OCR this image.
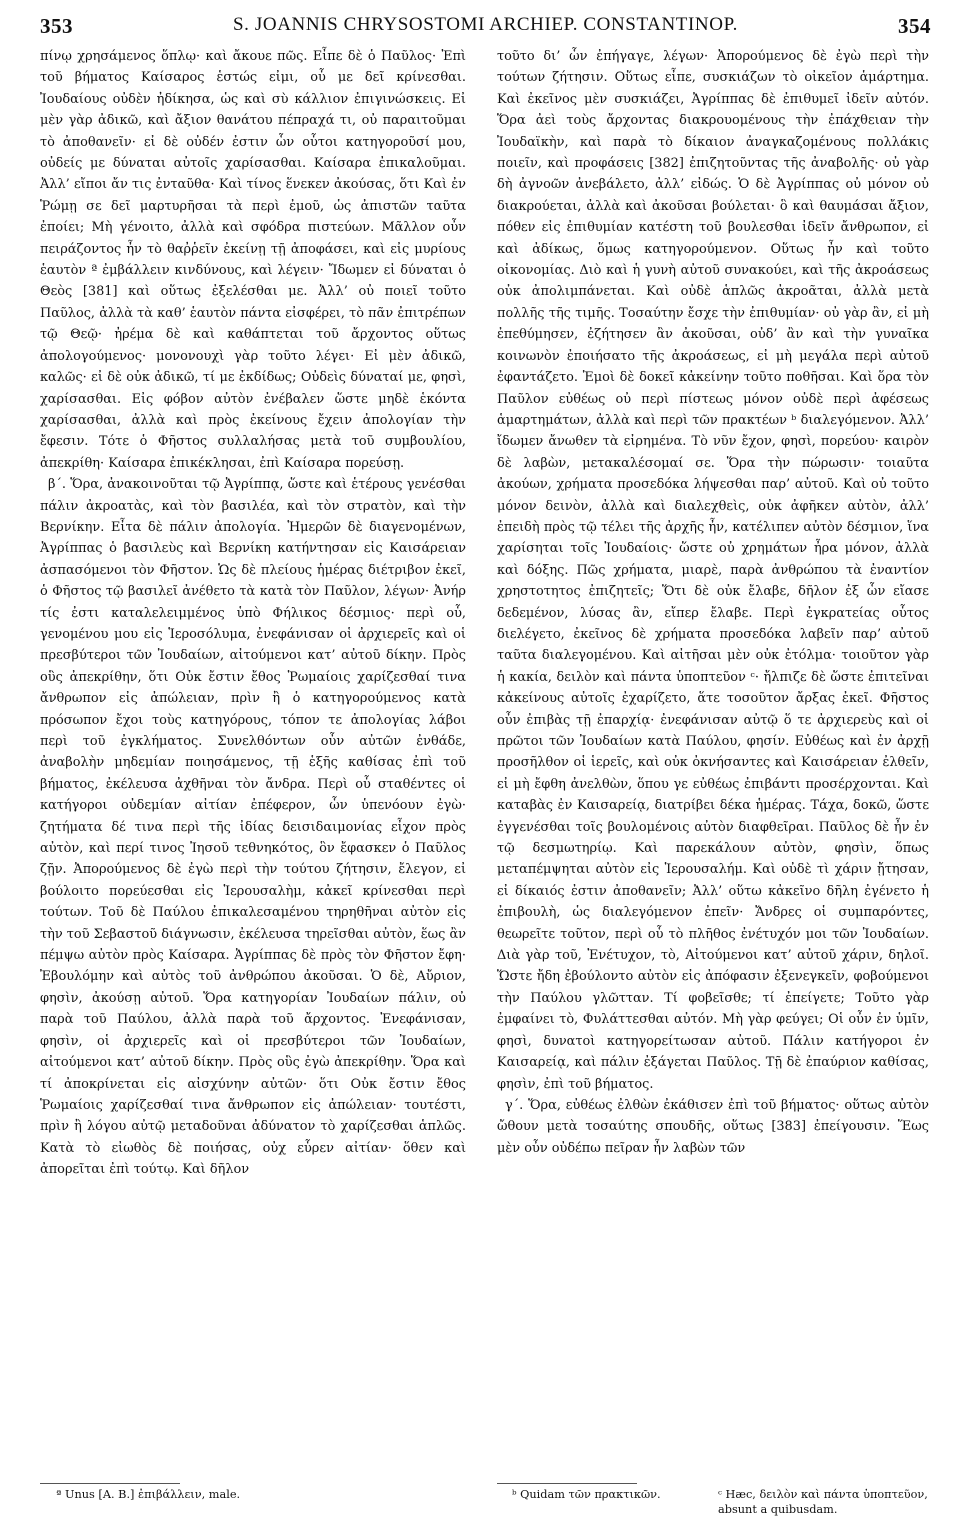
353	S. JOANNIS CHRYSOSTOMI ARCHIEP. CONSTANTINOP.	354

πίνῳ χρησάμενος ὅπλῳ· καὶ ἄκουε πῶς. Εἶπε δὲ ὁ Παῦλος· Ἐπὶ τοῦ βήματος Καίσαρος ἑστώς εἰμι, οὗ με δεῖ κρίνεσθαι. Ἰουδαίους οὐδὲν ἠδίκησα, ὡς καὶ σὺ κάλλιον ἐπιγινώσκεις. Εἰ μὲν γὰρ ἀδικῶ, καὶ ἄξιον θανάτου πέπραχά τι, οὐ παραιτοῦμαι τὸ ἀποθανεῖν· εἰ δὲ οὐδέν ἐστιν ὧν οὗτοι κατηγοροῦσί μου, οὐδείς με δύναται αὐτοῖς χαρίσασθαι. Καίσαρα ἐπικαλοῦμαι. Ἀλλ’ εἴποι ἄν τις ἐνταῦθα· Καὶ τίνος ἕνεκεν ἀκούσας, ὅτι Καὶ ἐν Ῥώμῃ σε δεῖ μαρτυρῆσαι τὰ περὶ ἐμοῦ, ὡς ἀπιστῶν ταῦτα ἐποίει; Μὴ γένοιτο, ἀλλὰ καὶ σφόδρα πιστεύων. Μᾶλλον οὖν πειράζοντος ἦν τὸ θαῤῥεῖν ἐκείνῃ τῇ ἀποφάσει, καὶ εἰς μυρίους ἑαυτὸν ª ἐμβάλλειν κινδύνους, καὶ λέγειν· Ἴδωμεν εἰ δύναται ὁ Θεὸς [381] καὶ οὕτως ἐξελέσθαι με. Ἀλλ’ οὐ ποιεῖ τοῦτο Παῦλος, ἀλλὰ τὰ καθ’ ἑαυτὸν πάντα εἰσφέρει, τὸ πᾶν ἐπιτρέπων τῷ Θεῷ· ἠρέμα δὲ καὶ καθάπτεται τοῦ ἄρχοντος οὕτως ἀπολογούμενος· μονονουχὶ γὰρ τοῦτο λέγει· Εἰ μὲν ἀδικῶ, καλῶς· εἰ δὲ οὐκ ἀδικῶ, τί με ἐκδίδως; Οὐδεὶς δύναταί με, φησὶ, χαρίσασθαι. Εἰς φόβον αὐτὸν ἐνέβαλεν ὥστε μηδὲ ἑκόντα χαρίσασθαι, ἀλλὰ καὶ πρὸς ἐκείνους ἔχειν ἀπολογίαν τὴν ἔφεσιν. Τότε ὁ Φῆστος συλλαλήσας μετὰ τοῦ συμβουλίου, ἀπεκρίθη· Καίσαρα ἐπικέκλησαι, ἐπὶ Καίσαρα πορεύσῃ.

β΄. Ὅρα, ἀνακοινοῦται τῷ Ἀγρίππᾳ, ὥστε καὶ ἑτέρους γενέσθαι πάλιν ἀκροατὰς, καὶ τὸν βασιλέα, καὶ τὸν στρατὸν, καὶ τὴν Βερνίκην. Εἶτα δὲ πάλιν ἀπολογία. Ἡμερῶν δὲ διαγενομένων, Ἀγρίππας ὁ βασιλεὺς καὶ Βερνίκη κατήντησαν εἰς Καισάρειαν ἀσπασόμενοι τὸν Φῆστον. Ὡς δὲ πλείους ἡμέρας διέτριβον ἐκεῖ, ὁ Φῆστος τῷ βασιλεῖ ἀνέθετο τὰ κατὰ τὸν Παῦλον, λέγων· Ἀνήρ τίς ἐστι καταλελειμμένος ὑπὸ Φήλικος δέσμιος· περὶ οὗ, γενομένου μου εἰς Ἱεροσόλυμα, ἐνεφάνισαν οἱ ἀρχιερεῖς καὶ οἱ πρεσβύτεροι τῶν Ἰουδαίων, αἰτούμενοι κατ’ αὐτοῦ δίκην. Πρὸς οὓς ἀπεκρίθην, ὅτι Οὐκ ἔστιν ἔθος Ῥωμαίοις χαρίζεσθαί τινα ἄνθρωπον εἰς ἀπώλειαν, πρὶν ἢ ὁ κατηγορούμενος κατὰ πρόσωπον ἔχοι τοὺς κατηγόρους, τόπον τε ἀπολογίας λάβοι περὶ τοῦ ἐγκλήματος. Συνελθόντων οὖν αὐτῶν ἐνθάδε, ἀναβολὴν μηδεμίαν ποιησάμενος, τῇ ἑξῆς καθίσας ἐπὶ τοῦ βήματος, ἐκέλευσα ἀχθῆναι τὸν ἄνδρα. Περὶ οὗ σταθέντες οἱ κατήγοροι οὐδεμίαν αἰτίαν ἐπέφερον, ὧν ὑπενόουν ἐγὼ· ζητήματα δέ τινα περὶ τῆς ἰδίας δεισιδαιμονίας εἶχον πρὸς αὐτὸν, καὶ περί τινος Ἰησοῦ τεθνηκότος, ὃν ἔφασκεν ὁ Παῦλος ζῇν. Ἀπορούμενος δὲ ἐγὼ περὶ τὴν τούτου ζήτησιν, ἔλεγον, εἰ βούλοιτο πορεύεσθαι εἰς Ἱερουσαλὴμ, κἀκεῖ κρίνεσθαι περὶ τούτων. Τοῦ δὲ Παύλου ἐπικαλεσαμένου τηρηθῆναι αὐτὸν εἰς τὴν τοῦ Σεβαστοῦ διάγνωσιν, ἐκέλευσα τηρεῖσθαι αὐτὸν, ἕως ἂν πέμψω αὐτὸν πρὸς Καίσαρα. Ἀγρίππας δὲ πρὸς τὸν Φῆστον ἔφη· Ἐβουλόμην καὶ αὐτὸς τοῦ ἀνθρώπου ἀκοῦσαι. Ὁ δὲ, Αὔριον, φησὶν, ἀκούσῃ αὐτοῦ. Ὅρα κατηγορίαν Ἰουδαίων πάλιν, οὐ παρὰ τοῦ Παύλου, ἀλλὰ παρὰ τοῦ ἄρχοντος. Ἐνεφάνισαν, φησὶν, οἱ ἀρχιερεῖς καὶ οἱ πρεσβύτεροι τῶν Ἰουδαίων, αἰτούμενοι κατ’ αὐτοῦ δίκην. Πρὸς οὓς ἐγὼ ἀπεκρίθην. Ὅρα καὶ τί ἀποκρίνεται εἰς αἰσχύνην αὐτῶν· ὅτι Οὐκ ἔστιν ἔθος Ῥωμαίοις χαρίζεσθαί τινα ἄνθρωπον εἰς ἀπώλειαν· τουτέστι, πρὶν ἢ λόγου αὐτῷ μεταδοῦναι ἀδύνατον τὸ χαρίζεσθαι ἁπλῶς. Κατὰ τὸ εἰωθὸς δὲ ποιήσας, οὐχ εὗρεν αἰτίαν· ὅθεν καὶ ἀπορεῖται ἐπὶ τούτῳ. Καὶ δῆλον

τοῦτο δι’ ὧν ἐπήγαγε, λέγων· Ἀπορούμενος δὲ ἐγὼ περὶ τὴν τούτων ζήτησιν. Οὕτως εἶπε, συσκιάζων τὸ οἰκεῖον ἁμάρτημα. Καὶ ἐκεῖνος μὲν συσκιάζει, Ἀγρίππας δὲ ἐπιθυμεῖ ἰδεῖν αὐτόν. Ὅρα ἀεὶ τοὺς ἄρχοντας διακρουομένους τὴν ἐπάχθειαν τὴν Ἰουδαϊκὴν, καὶ παρὰ τὸ δίκαιον ἀναγκαζομένους πολλάκις ποιεῖν, καὶ προφάσεις [382] ἐπιζητοῦντας τῆς ἀναβολῆς· οὐ γὰρ δὴ ἀγνοῶν ἀνεβάλετο, ἀλλ’ εἰδώς. Ὁ δὲ Ἀγρίππας οὐ μόνον οὐ διακρούεται, ἀλλὰ καὶ ἀκοῦσαι βούλεται· ὃ καὶ θαυμάσαι ἄξιον, πόθεν εἰς ἐπιθυμίαν κατέστη τοῦ βουλεσθαι ἰδεῖν ἄνθρωπον, εἰ καὶ ἀδίκως, ὅμως κατηγορούμενον. Οὕτως ἦν καὶ τοῦτο οἰκονομίας. Διὸ καὶ ἡ γυνὴ αὐτοῦ συνακούει, καὶ τῆς ἀκροάσεως οὐκ ἀπολιμπάνεται. Καὶ οὐδὲ ἁπλῶς ἀκροᾶται, ἀλλὰ μετὰ πολλῆς τῆς τιμῆς. Τοσαύτην ἔσχε τὴν ἐπιθυμίαν· οὐ γὰρ ἂν, εἰ μὴ ἐπεθύμησεν, ἐζήτησεν ἂν ἀκοῦσαι, οὐδ’ ἂν καὶ τὴν γυναῖκα κοινωνὸν ἐποιήσατο τῆς ἀκροάσεως, εἰ μὴ μεγάλα περὶ αὐτοῦ ἐφαντάζετο. Ἐμοὶ δὲ δοκεῖ κἀκείνην τοῦτο ποθῆσαι. Καὶ ὅρα τὸν Παῦλον εὐθέως οὐ περὶ πίστεως μόνον οὐδὲ περὶ ἀφέσεως ἁμαρτημάτων, ἀλλὰ καὶ περὶ τῶν πρακτέων ᵇ διαλεγόμενον. Ἀλλ’ ἴδωμεν ἄνωθεν τὰ εἰρημένα. Τὸ νῦν ἔχον, φησὶ, πορεύου· καιρὸν δὲ λαβὼν, μετακαλέσομαί σε. Ὅρα τὴν πώρωσιν· τοιαῦτα ἀκούων, χρήματα προσεδόκα λήψεσθαι παρ’ αὐτοῦ. Καὶ οὐ τοῦτο μόνον δεινὸν, ἀλλὰ καὶ διαλεχθεὶς, οὐκ ἀφῆκεν αὐτὸν, ἀλλ’ ἐπειδὴ πρὸς τῷ τέλει τῆς ἀρχῆς ἦν, κατέλιπεν αὐτὸν δέσμιον, ἵνα χαρίσηται τοῖς Ἰουδαίοις· ὥστε οὐ χρημάτων ἦρα μόνον, ἀλλὰ καὶ δόξης. Πῶς χρήματα, μιαρὲ, παρὰ ἀνθρώπου τὰ ἐναντίον χρηστοτητος ἐπιζητεῖς; Ὅτι δὲ οὐκ ἔλαβε, δῆλον ἐξ ὧν εἴασε δεδεμένον, λύσας ἂν, εἴπερ ἔλαβε. Περὶ ἐγκρατείας οὗτος διελέγετο, ἐκεῖνος δὲ χρήματα προσεδόκα λαβεῖν παρ’ αὐτοῦ ταῦτα διαλεγομένου. Καὶ αἰτῆσαι μὲν οὐκ ἐτόλμα· τοιοῦτον γὰρ ἡ κακία, δειλὸν καὶ πάντα ὑποπτεῦον ᶜ· ἤλπιζε δὲ ὥστε ἐπιτεῖναι κἀκείνους αὐτοῖς ἐχαρίζετο, ἅτε τοσοῦτον ἄρξας ἐκεῖ. Φῆστος οὖν ἐπιβὰς τῇ ἐπαρχίᾳ· ἐνεφάνισαν αὐτῷ ὅ τε ἀρχιερεὺς καὶ οἱ πρῶτοι τῶν Ἰουδαίων κατὰ Παύλου, φησίν. Εὐθέως καὶ ἐν ἀρχῇ προσῆλθον οἱ ἱερεῖς, καὶ οὐκ ὀκνήσαντες καὶ Καισάρειαν ἐλθεῖν, εἰ μὴ ἔφθη ἀνελθὼν, ὅπου γε εὐθέως ἐπιβάντι προσέρχονται. Καὶ καταβὰς ἐν Καισαρείᾳ, διατρίβει δέκα ἡμέρας. Τάχα, δοκῶ, ὥστε ἐγγενέσθαι τοῖς βουλομένοις αὐτὸν διαφθεῖραι. Παῦλος δὲ ἦν ἐν τῷ δεσμωτηρίῳ. Καὶ παρεκάλουν αὐτὸν, φησὶν, ὅπως μεταπέμψηται αὐτὸν εἰς Ἱερουσαλήμ. Καὶ οὐδὲ τὶ χάριν ᾔτησαν, εἰ δίκαιός ἐστιν ἀποθανεῖν; Ἀλλ’ οὕτω κἀκεῖνο δῆλη ἐγένετο ἡ ἐπιβουλὴ, ὡς διαλεγόμενον ἐπεῖν· Ἄνδρες οἱ συμπαρόντες, θεωρεῖτε τοῦτον, περὶ οὗ τὸ πλῆθος ἐνέτυχόν μοι τῶν Ἰουδαίων. Διὰ γὰρ τοῦ, Ἐνέτυχον, τὸ, Αἰτούμενοι κατ’ αὐτοῦ χάριν, δηλοῖ. Ὥστε ἤδη ἐβούλοντο αὐτὸν εἰς ἀπόφασιν ἐξενεγκεῖν, φοβούμενοι τὴν Παύλου γλῶτταν. Τί φοβεῖσθε; τί ἐπείγετε; Τοῦτο γὰρ ἐμφαίνει τὸ, Φυλάττεσθαι αὐτόν. Μὴ γὰρ φεύγει; Οἱ οὖν ἐν ὑμῖν, φησὶ, δυνατοὶ κατηγορείτωσαν αὐτοῦ. Πάλιν κατήγοροι ἐν Καισαρείᾳ, καὶ πάλιν ἐξάγεται Παῦλος. Τῇ δὲ ἐπαύριον καθίσας, φησὶν, ἐπὶ τοῦ βήματος.

γ΄. Ὅρα, εὐθέως ἐλθὼν ἐκάθισεν ἐπὶ τοῦ βήματος· οὕτως αὐτὸν ὤθουν μετὰ τοσαύτης σπουδῆς, οὕτως [383] ἐπείγουσιν. Ἕως μὲν οὖν οὐδέπω πεῖραν ἦν λαβὼν τῶν

ª Unus [A. B.] ἐπιβάλλειν, male.	ᵇ Quidam τῶν πρακτικῶν.	ᶜ Hæc, δειλὸν καὶ πάντα ὑποπτεῦον, absunt a quibusdam.
